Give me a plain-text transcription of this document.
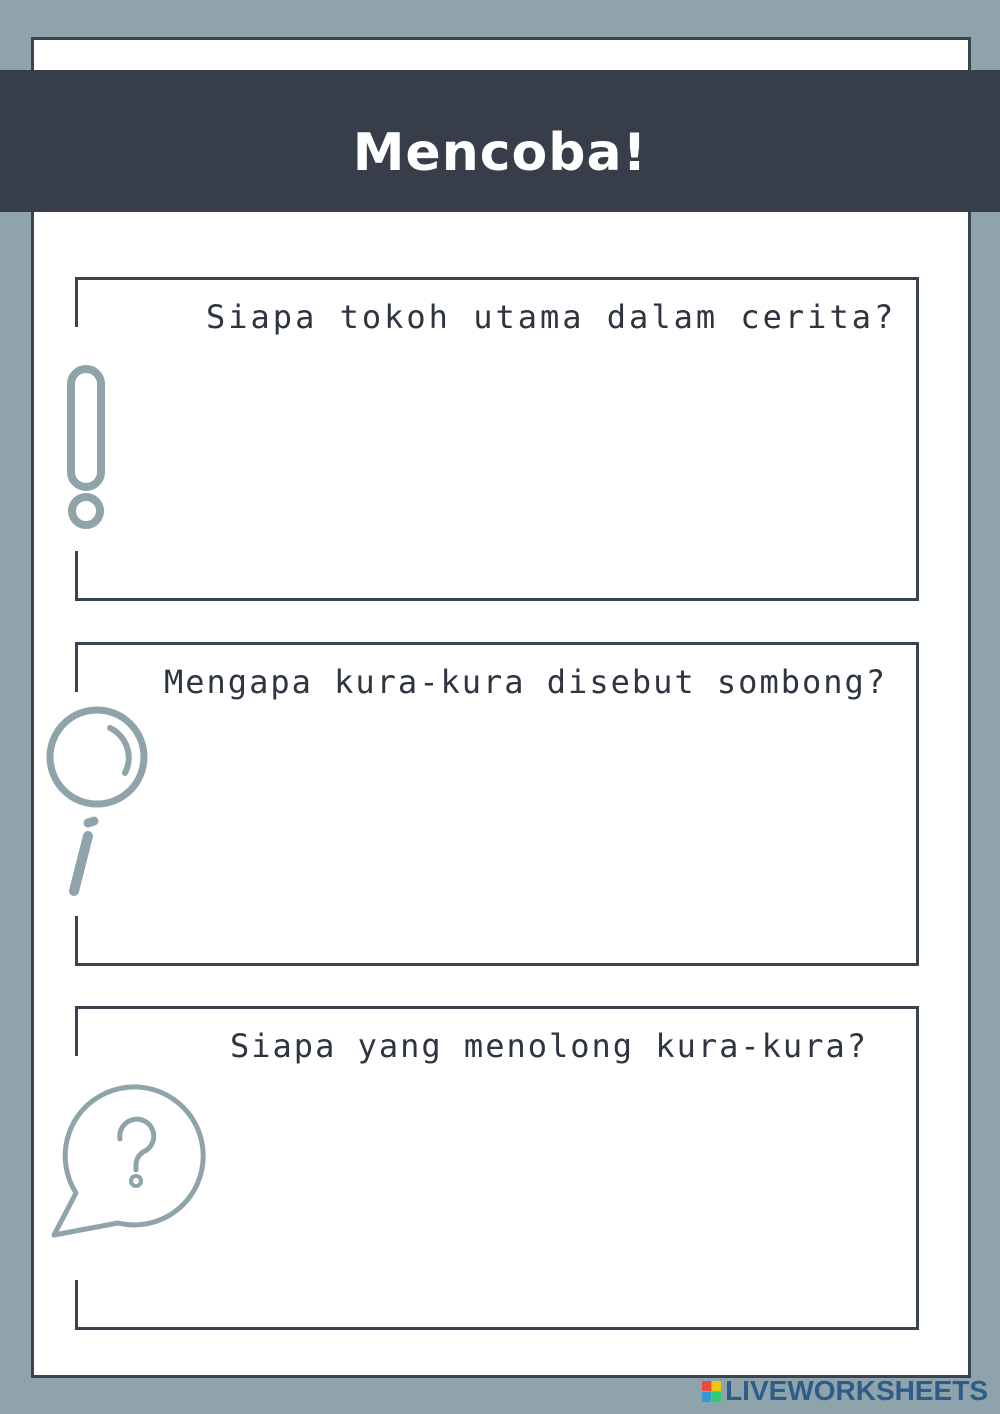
Mencoba!
Siapa tokoh utama dalam cerita?
Mengapa kura-kura disebut sombong?
Siapa yang menolong kura-kura?
LIVEWORKSHEETS
